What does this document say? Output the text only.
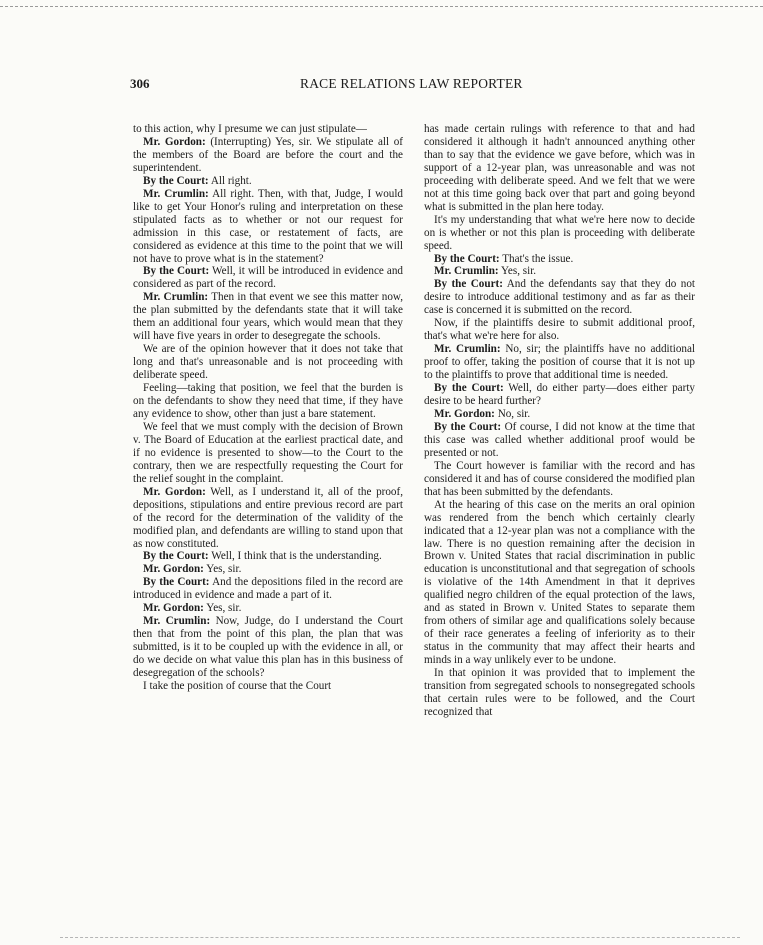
306	RACE RELATIONS LAW REPORTER

to this action, why I presume we can just stipulate—

Mr. Gordon: (Interrupting) Yes, sir. We stipulate all of the members of the Board are before the court and the superintendent.

By the Court: All right.

Mr. Crumlin: All right. Then, with that, Judge, I would like to get Your Honor's ruling and interpretation on these stipulated facts as to whether or not our request for admission in this case, or restatement of facts, are considered as evidence at this time to the point that we will not have to prove what is in the statement?

By the Court: Well, it will be introduced in evidence and considered as part of the record.

Mr. Crumlin: Then in that event we see this matter now, the plan submitted by the defendants state that it will take them an additional four years, which would mean that they will have five years in order to desegregate the schools.

We are of the opinion however that it does not take that long and that's unreasonable and is not proceeding with deliberate speed.

Feeling—taking that position, we feel that the burden is on the defendants to show they need that time, if they have any evidence to show, other than just a bare statement.

We feel that we must comply with the decision of Brown v. The Board of Education at the earliest practical date, and if no evidence is presented to show—to the Court to the contrary, then we are respectfully requesting the Court for the relief sought in the complaint.

Mr. Gordon: Well, as I understand it, all of the proof, depositions, stipulations and entire previous record are part of the record for the determination of the validity of the modified plan, and defendants are willing to stand upon that as now constituted.

By the Court: Well, I think that is the understanding.

Mr. Gordon: Yes, sir.

By the Court: And the depositions filed in the record are introduced in evidence and made a part of it.

Mr. Gordon: Yes, sir.

Mr. Crumlin: Now, Judge, do I understand the Court then that from the point of this plan, the plan that was submitted, is it to be coupled up with the evidence in all, or do we decide on what value this plan has in this business of desegregation of the schools?

I take the position of course that the Court

has made certain rulings with reference to that and had considered it although it hadn't announced anything other than to say that the evidence we gave before, which was in support of a 12-year plan, was unreasonable and was not proceeding with deliberate speed. And we felt that we were not at this time going back over that part and going beyond what is submitted in the plan here today.

It's my understanding that what we're here now to decide on is whether or not this plan is proceeding with deliberate speed.

By the Court: That's the issue.

Mr. Crumlin: Yes, sir.

By the Court: And the defendants say that they do not desire to introduce additional testimony and as far as their case is concerned it is submitted on the record.

Now, if the plaintiffs desire to submit additional proof, that's what we're here for also.

Mr. Crumlin: No, sir; the plaintiffs have no additional proof to offer, taking the position of course that it is not up to the plaintiffs to prove that additional time is needed.

By the Court: Well, do either party—does either party desire to be heard further?

Mr. Gordon: No, sir.

By the Court: Of course, I did not know at the time that this case was called whether additional proof would be presented or not.

The Court however is familiar with the record and has considered it and has of course considered the modified plan that has been submitted by the defendants.

At the hearing of this case on the merits an oral opinion was rendered from the bench which certainly clearly indicated that a 12-year plan was not a compliance with the law. There is no question remaining after the decision in Brown v. United States that racial discrimination in public education is unconstitutional and that segregation of schools is violative of the 14th Amendment in that it deprives qualified negro children of the equal protection of the laws, and as stated in Brown v. United States to separate them from others of similar age and qualifications solely because of their race generates a feeling of inferiority as to their status in the community that may affect their hearts and minds in a way unlikely ever to be undone.

In that opinion it was provided that to implement the transition from segregated schools to nonsegregated schools that certain rules were to be followed, and the Court recognized that
